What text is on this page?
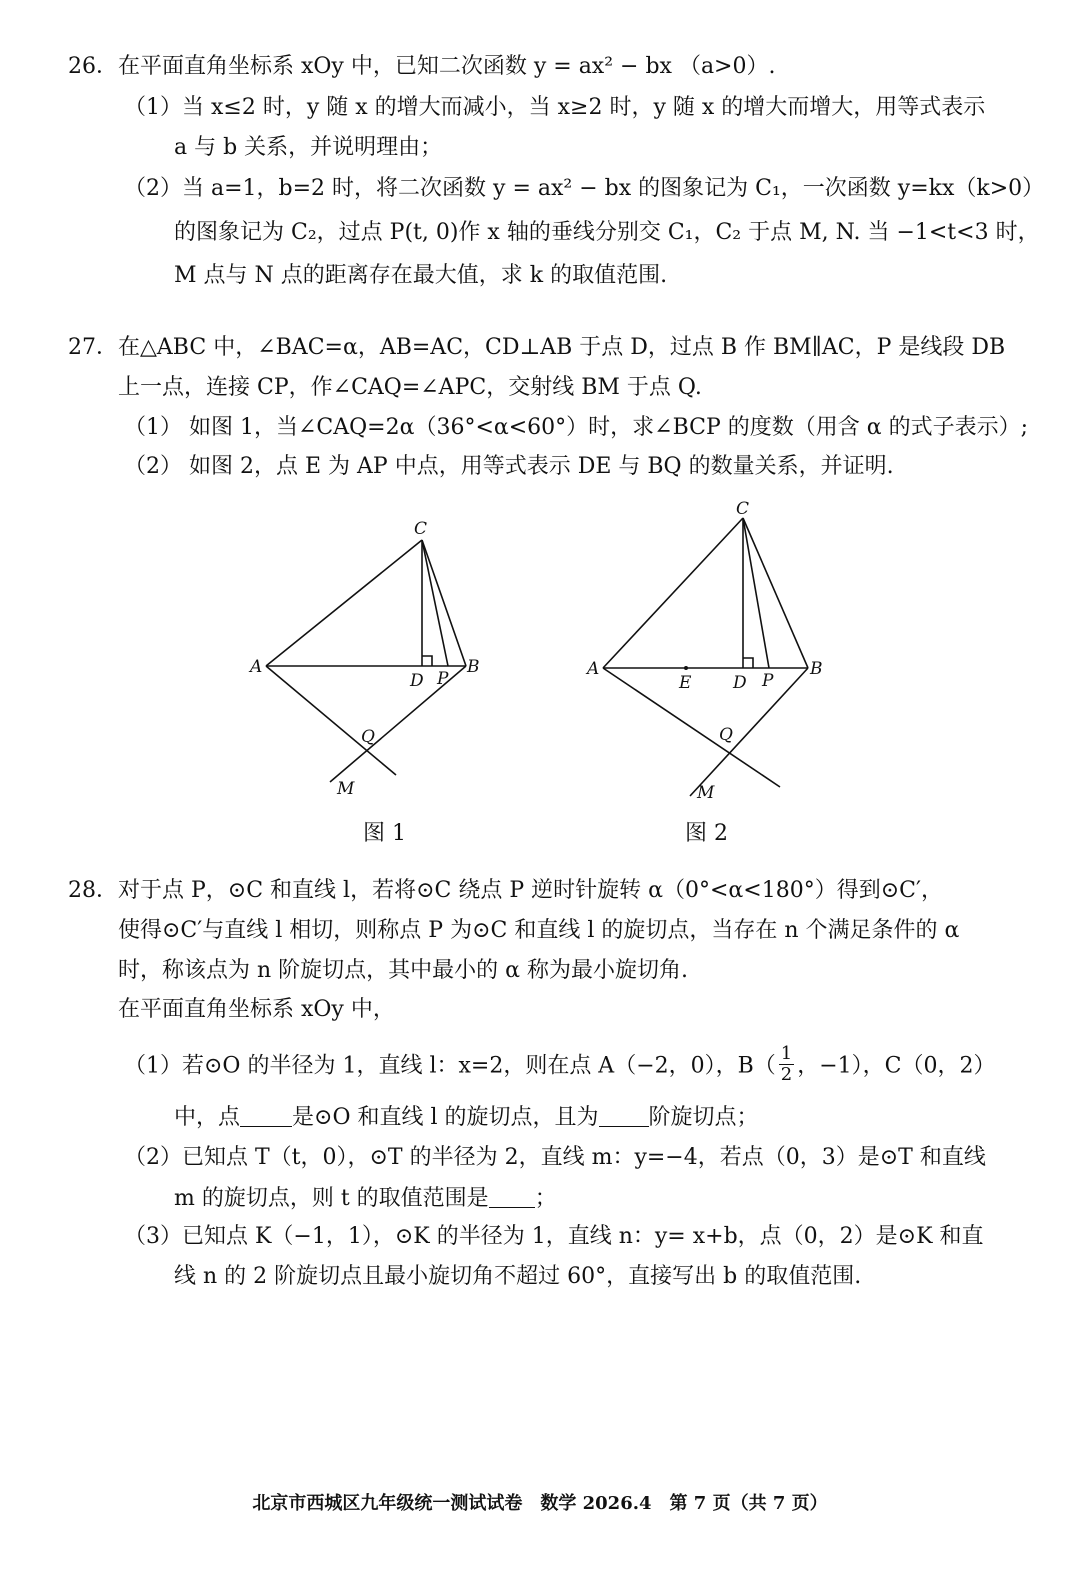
26．在平面直角坐标系 xOy 中，已知二次函数 y = ax² − bx （a>0）.
（1）当 x≤2 时，y 随 x 的增大而减小，当 x≥2 时，y 随 x 的增大而增大，用等式表示
a 与 b 关系，并说明理由；
（2）当 a=1，b=2 时，将二次函数 y = ax² − bx 的图象记为 C₁，一次函数 y=kx（k>0）
的图象记为 C₂，过点 P(t, 0)作 x 轴的垂线分别交 C₁，C₂ 于点 M, N. 当 −1<t<3 时，
M 点与 N 点的距离存在最大值，求 k 的取值范围.
27．在△ABC 中，∠BAC=α，AB=AC，CD⊥AB 于点 D，过点 B 作 BM∥AC，P 是线段 DB
上一点，连接 CP，作∠CAQ=∠APC，交射线 BM 于点 Q.
（1） 如图 1，当∠CAQ=2α（36°<α<60°）时，求∠BCP 的度数（用含 α 的式子表示）;
（2） 如图 2，点 E 为 AP 中点，用等式表示 DE 与 BQ 的数量关系，并证明.
C
A
D P
B
Q
M
图 1
C
A
E D P
B
Q
M
图 2
28．对于点 P，⊙C 和直线 l，若将⊙C 绕点 P 逆时针旋转 α（0°<α<180°）得到⊙C′，
使得⊙C′与直线 l 相切，则称点 P 为⊙C 和直线 l 的旋切点，当存在 n 个满足条件的 α
时，称该点为 n 阶旋切点，其中最小的 α 称为最小旋切角.
在平面直角坐标系 xOy 中，
（1）若⊙O 的半径为 1，直线 l：x=2，则在点 A（−2，0），$B( \frac{1}{2}$ ，−1），C（0，2）
中，点 是⊙O 和直线 l 的旋切点，且为 阶旋切点；
（2）已知点 T（t，0），⊙T 的半径为 2，直线 m：y=−4，若点（0，3）是⊙T 和直线
m 的旋切点，则 t 的取值范围是 ；
（3）已知点 K（−1，1），⊙K 的半径为 1，直线 n：y= x+b，点（0，2）是⊙K 和直
线 n 的 2 阶旋切点且最小旋切角不超过 60°，直接写出 b 的取值范围.
北京市西城区九年级统一测试试卷　数学 2026.4　第 7 页（共 7 页）
